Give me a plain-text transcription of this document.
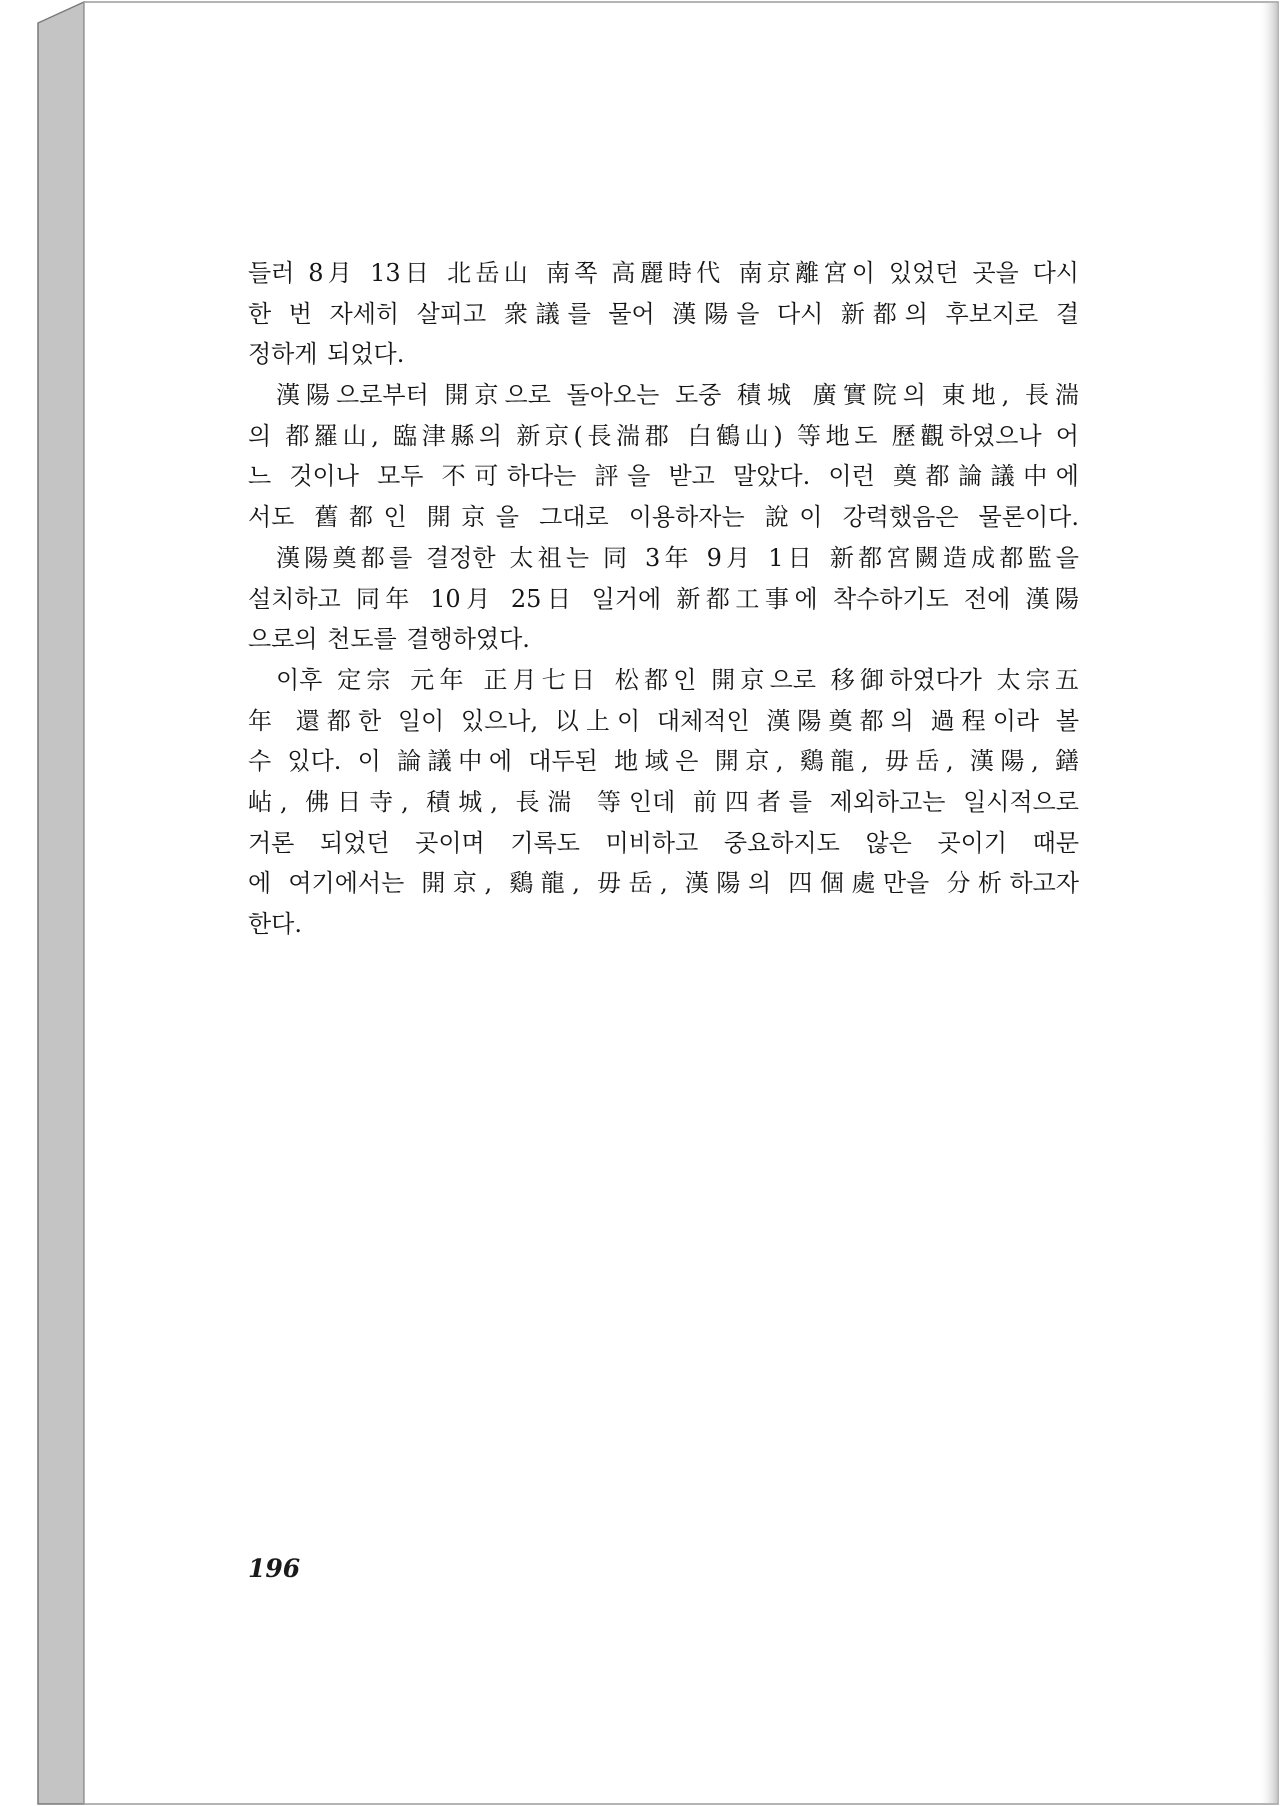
들러 8月 13日 北岳山 南쪽 高麗時代 南京離宮이 있었던 곳을 다시
한 번 자세히 살피고 衆議를 물어 漢陽을 다시 新都의 후보지로 결
정하게 되었다.
漢陽으로부터 開京으로 돌아오는 도중 積城 廣實院의 東地, 長湍
의 都羅山, 臨津縣의 新京(長湍郡 白鶴山) 等地도 歷觀하였으나 어
느 것이나 모두 不可하다는 評을 받고 말았다. 이런 奠都論議中에
서도 舊都인 開京을 그대로 이용하자는 說이 강력했음은 물론이다.
漢陽奠都를 결정한 太祖는 同 3年 9月 1日 新都宮闕造成都監을
설치하고 同年 10月 25日 일거에 新都工事에 착수하기도 전에 漢陽
으로의 천도를 결행하였다.
이후 定宗 元年 正月七日 松都인 開京으로 移御하였다가 太宗五
年 還都한 일이 있으나, 以上이 대체적인 漢陽奠都의 過程이라 볼
수 있다. 이 論議中에 대두된 地域은 開京, 鷄龍, 毋岳, 漢陽, 鐥
岾, 佛日寺, 積城, 長湍 等인데 前四者를 제외하고는 일시적으로
거론 되었던 곳이며 기록도 미비하고 중요하지도 않은 곳이기 때문
에 여기에서는 開京, 鷄龍, 毋岳, 漢陽의 四個處만을 分析하고자
한다.
196
